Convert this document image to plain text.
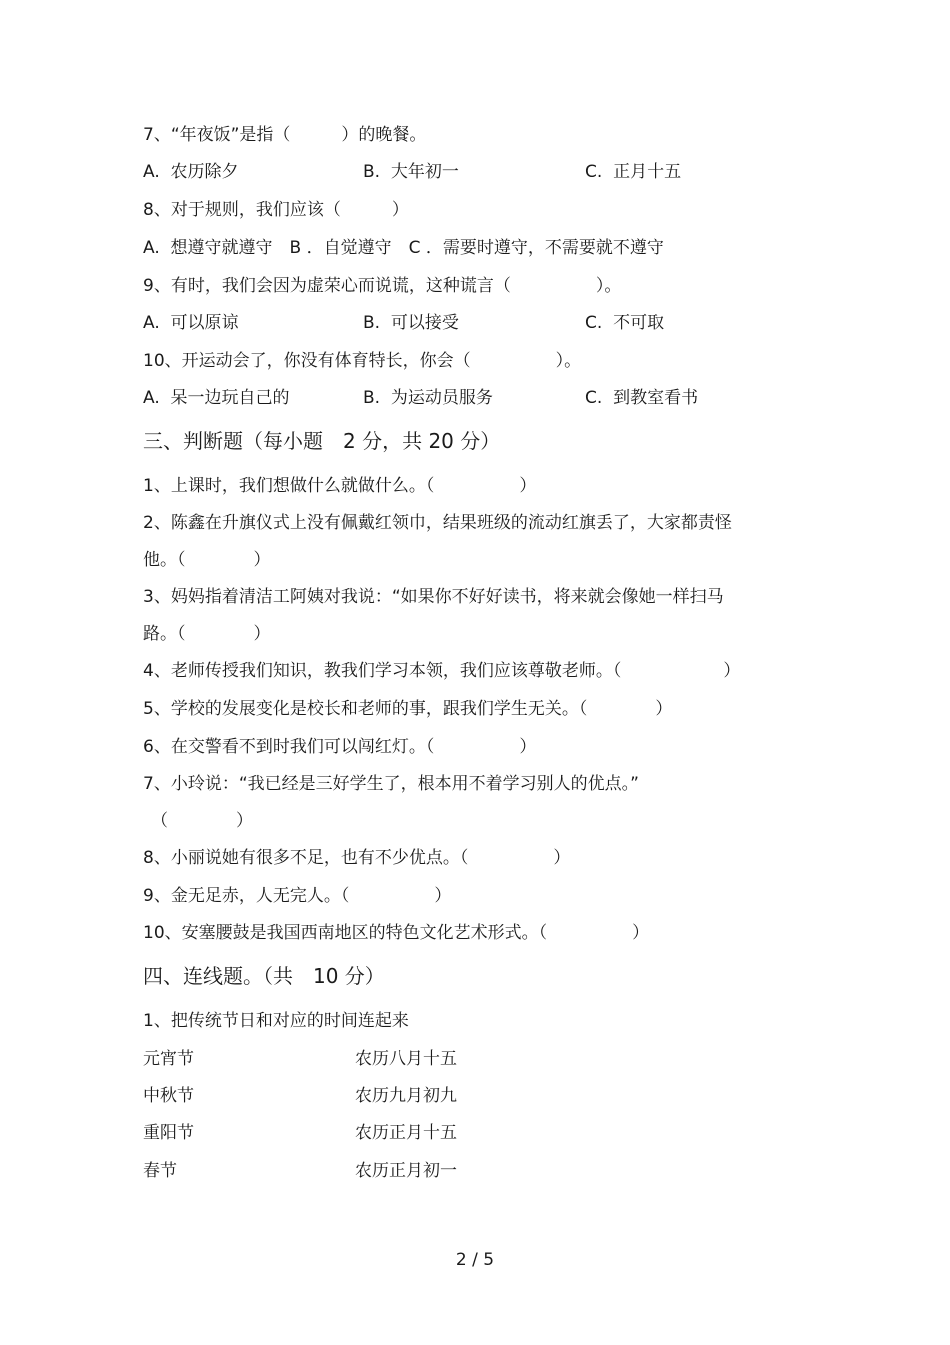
7、“年夜饭”是指（　　　）的晚餐。
A.  农历除夕	B.  大年初一	C.  正月十五
8、对于规则，我们应该（　　　）
A.  想遵守就遵守　B ．自觉遵守　C ．需要时遵守，不需要就不遵守
9、有时，我们会因为虚荣心而说谎，这种谎言（　　　　　）。
A.  可以原谅	B.  可以接受	C.  不可取
10、开运动会了，你没有体育特长，你会（　　　　　）。
A.  呆一边玩自己的	B.  为运动员服务	C.  到教室看书
三、判断题（每小题　2 分，共 20 分）
1、上课时，我们想做什么就做什么。（　　　　　）
2、陈鑫在升旗仪式上没有佩戴红领巾，结果班级的流动红旗丢了，大家都责怪
他。（　　　　）
3、妈妈指着清洁工阿姨对我说：“如果你不好好读书，将来就会像她一样扫马
路。（　　　　）
4、老师传授我们知识，教我们学习本领，我们应该尊敬老师。（　　　　　　）
5、学校的发展变化是校长和老师的事，跟我们学生无关。（　　　　）
6、在交警看不到时我们可以闯红灯。（　　　　　）
7、小玲说：“我已经是三好学生了，根本用不着学习别人的优点。”
（　　　　）
8、小丽说她有很多不足，也有不少优点。（　　　　　）
9、金无足赤，人无完人。（　　　　　）
10、安塞腰鼓是我国西南地区的特色文化艺术形式。（　　　　　）
四、连线题。（共　10 分）
1、把传统节日和对应的时间连起来
元宵节	农历八月十五
中秋节	农历九月初九
重阳节	农历正月十五
春节	农历正月初一
2 / 5
